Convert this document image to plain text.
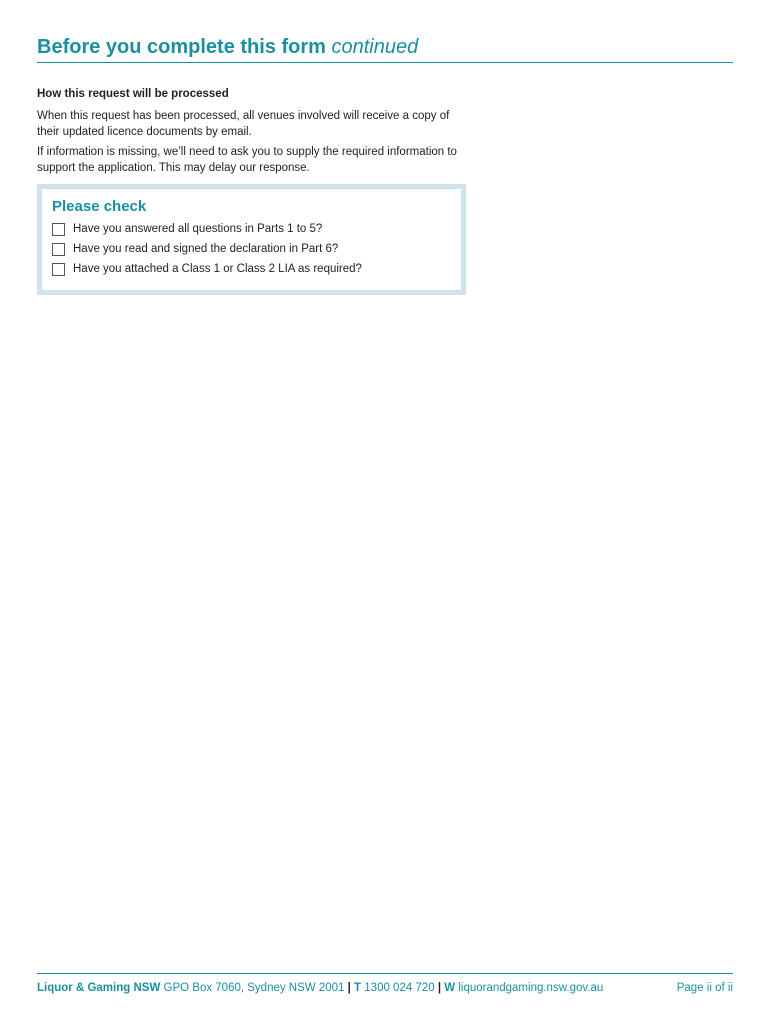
Before you complete this form continued
How this request will be processed

When this request has been processed, all venues involved will receive a copy of their updated licence documents by email.

If information is missing, we’ll need to ask you to supply the required information to support the application. This may delay our response.

Please check
Have you answered all questions in Parts 1 to 5?
Have you read and signed the declaration in Part 6?
Have you attached a Class 1 or Class 2 LIA as required?
Liquor & Gaming NSW GPO Box 7060, Sydney NSW 2001 | T 1300 024 720 | W liquorandgaming.nsw.gov.au	Page ii of ii
